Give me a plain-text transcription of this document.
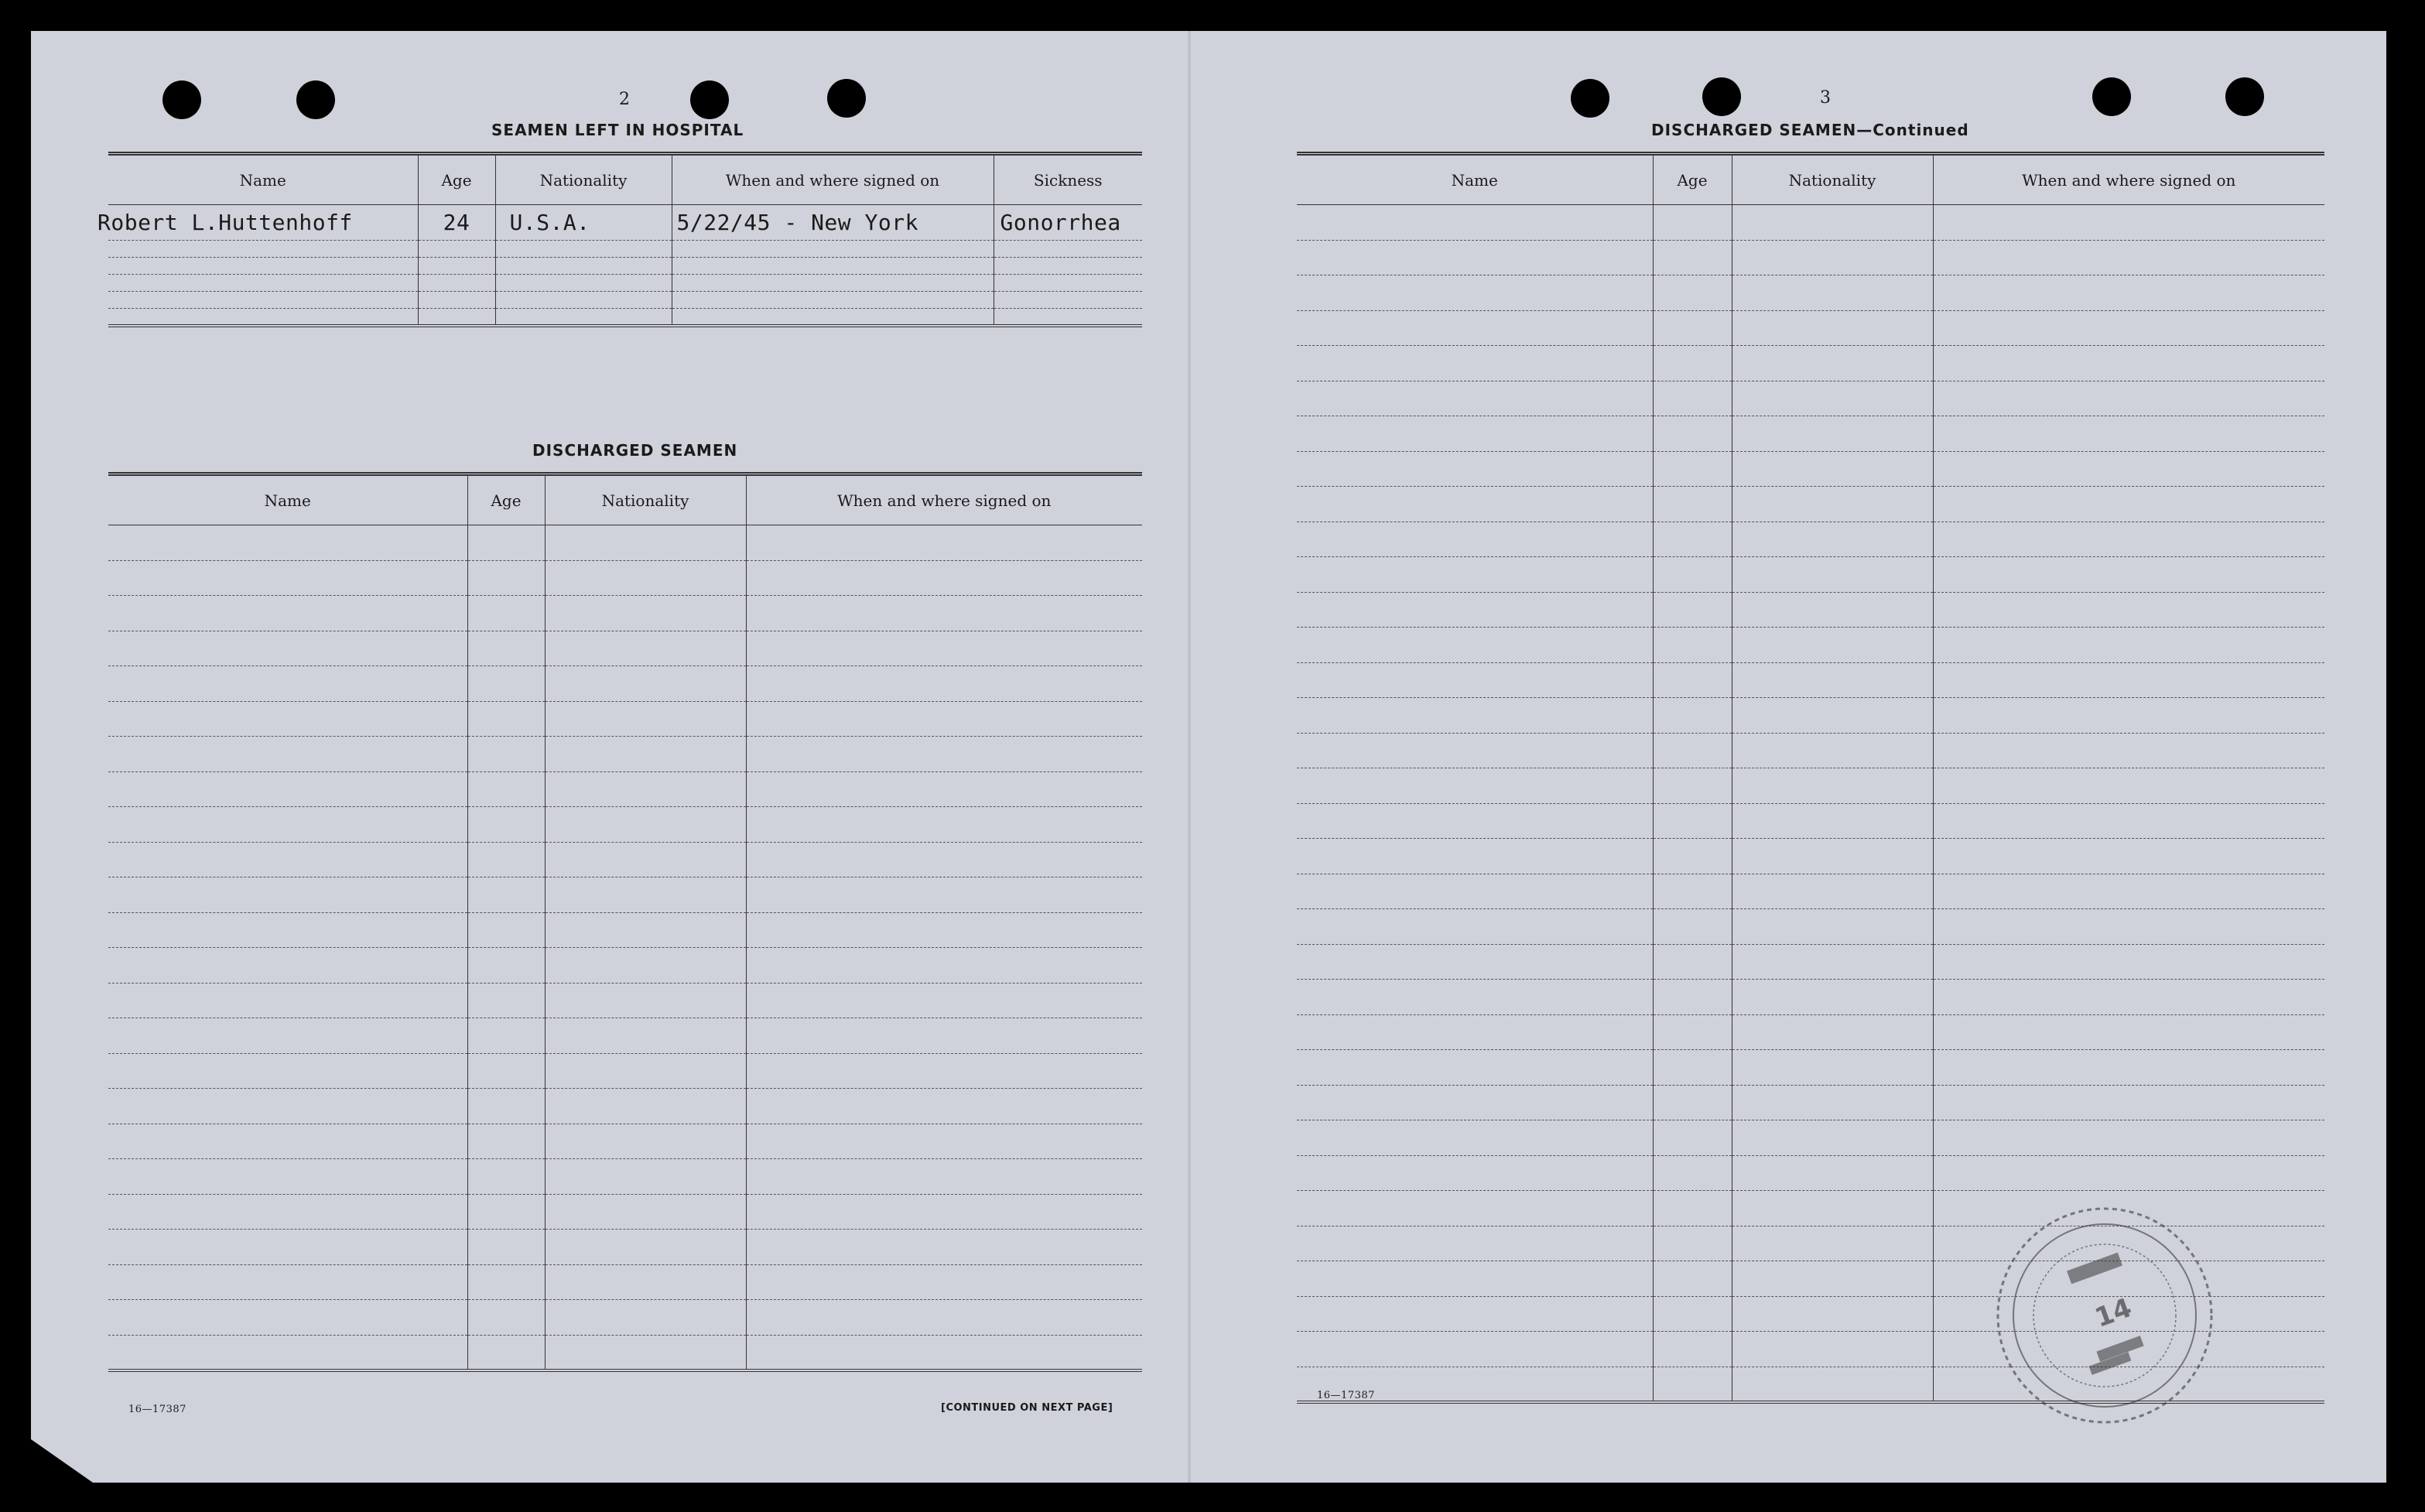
2
SEAMEN LEFT IN HOSPITAL
Name	Age	Nationality	When and where signed on	Sickness

Robert L.Huttenhoff	24	U.S.A.	5/22/45 - New York	Gonorrhea

DISCHARGED SEAMEN
Name	Age	Nationality	When and where signed on

16—17387	[CONTINUED ON NEXT PAGE]
3
DISCHARGED SEAMEN—Continued
Name	Age	Nationality	When and where signed on

16—17387
14
